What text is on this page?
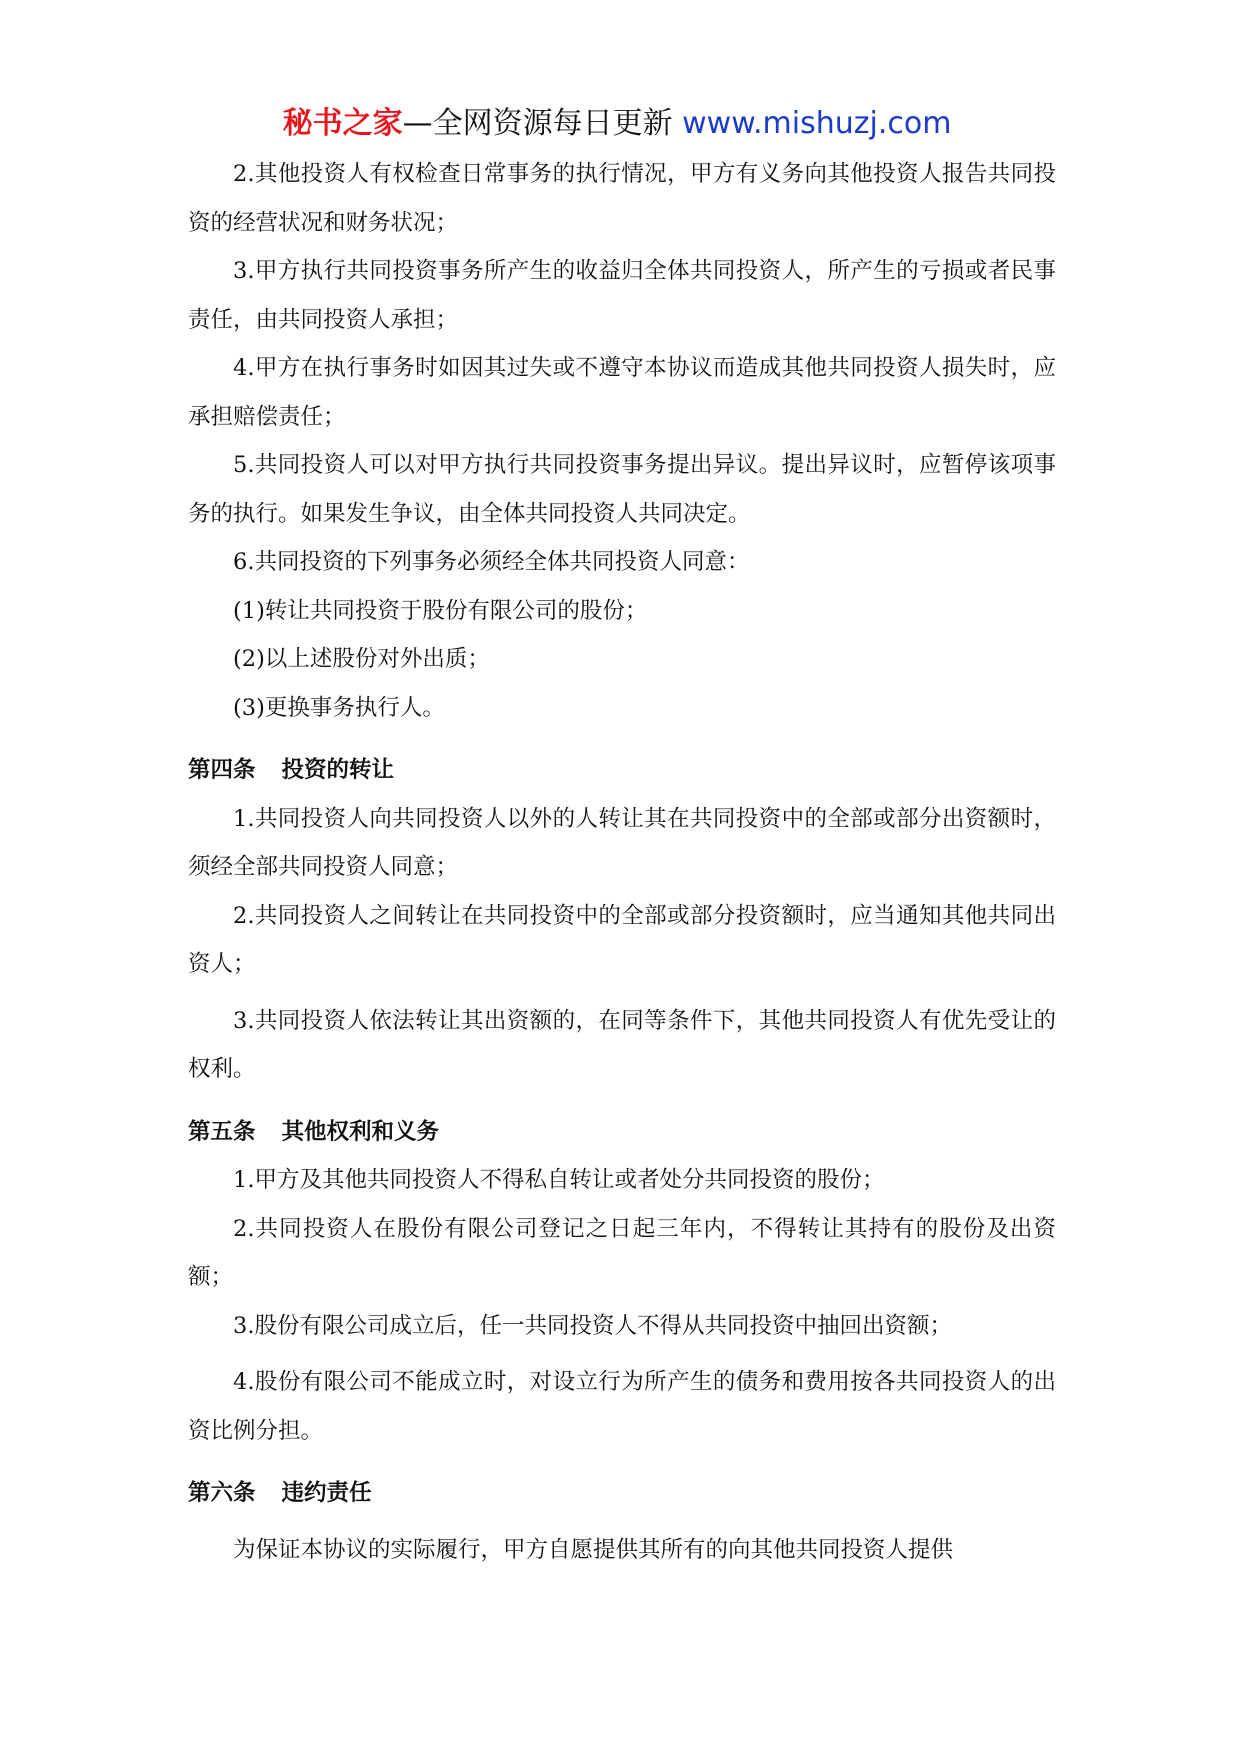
秘书之家—全网资源每日更新 www.mishuzj.com

2.其他投资人有权检查日常事务的执行情况，甲方有义务向其他投资人报告共同投资的经营状况和财务状况；

3.甲方执行共同投资事务所产生的收益归全体共同投资人，所产生的亏损或者民事责任，由共同投资人承担；

4.甲方在执行事务时如因其过失或不遵守本协议而造成其他共同投资人损失时，应承担赔偿责任；

5.共同投资人可以对甲方执行共同投资事务提出异议。提出异议时，应暂停该项事务的执行。如果发生争议，由全体共同投资人共同决定。

6.共同投资的下列事务必须经全体共同投资人同意：

(1)转让共同投资于股份有限公司的股份；

(2)以上述股份对外出质；

(3)更换事务执行人。

第四条 投资的转让

1.共同投资人向共同投资人以外的人转让其在共同投资中的全部或部分出资额时，须经全部共同投资人同意；

2.共同投资人之间转让在共同投资中的全部或部分投资额时，应当通知其他共同出资人；

3.共同投资人依法转让其出资额的，在同等条件下，其他共同投资人有优先受让的权利。

第五条 其他权利和义务

1.甲方及其他共同投资人不得私自转让或者处分共同投资的股份；

2.共同投资人在股份有限公司登记之日起三年内，不得转让其持有的股份及出资额；

3.股份有限公司成立后，任一共同投资人不得从共同投资中抽回出资额；

4.股份有限公司不能成立时，对设立行为所产生的债务和费用按各共同投资人的出资比例分担。

第六条 违约责任

为保证本协议的实际履行，甲方自愿提供其所有的向其他共同投资人提供
